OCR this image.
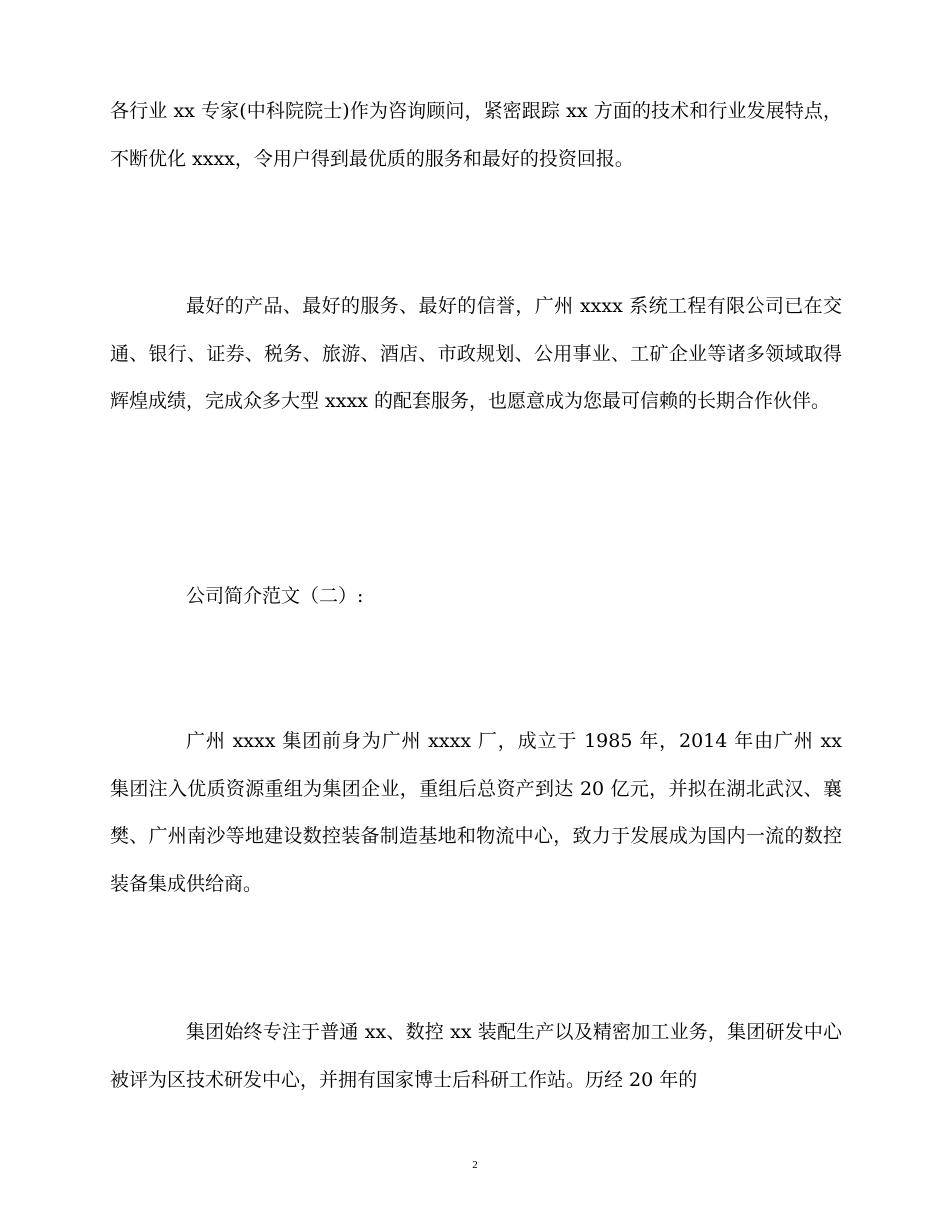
各行业 xx 专家(中科院院士)作为咨询顾问，紧密跟踪 xx 方面的技术和行业发展特点，不断优化 xxxx，令用户得到最优质的服务和最好的投资回报。

最好的产品、最好的服务、最好的信誉，广州 xxxx 系统工程有限公司已在交通、银行、证券、税务、旅游、酒店、市政规划、公用事业、工矿企业等诸多领域取得辉煌成绩，完成众多大型 xxxx 的配套服务，也愿意成为您最可信赖的长期合作伙伴。

公司简介范文（二）:

广州 xxxx 集团前身为广州 xxxx 厂，成立于 1985 年，2014 年由广州 xx 集团注入优质资源重组为集团企业，重组后总资产到达 20 亿元，并拟在湖北武汉、襄樊、广州南沙等地建设数控装备制造基地和物流中心，致力于发展成为国内一流的数控装备集成供给商。

集团始终专注于普通 xx、数控 xx 装配生产以及精密加工业务，集团研发中心被评为区技术研发中心，并拥有国家博士后科研工作站。历经 20 年的

2
